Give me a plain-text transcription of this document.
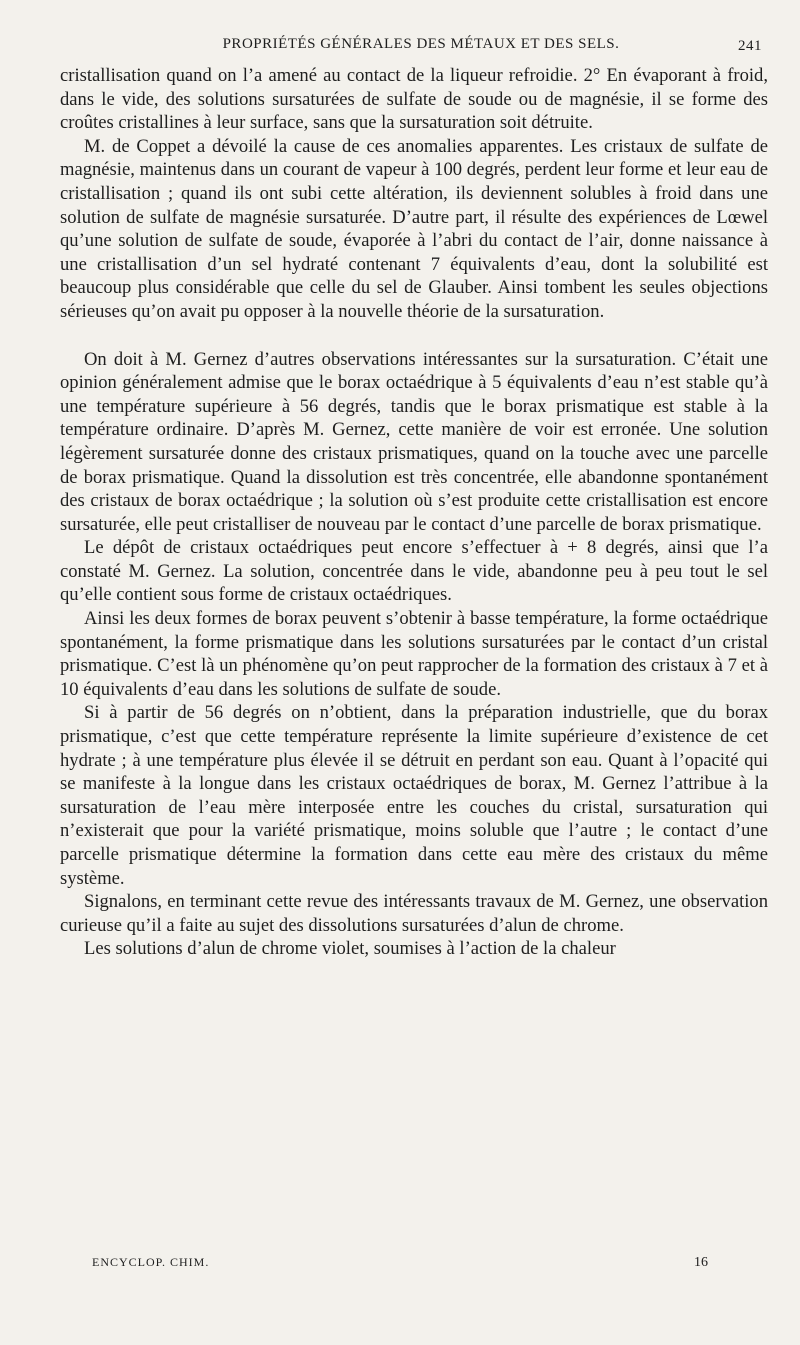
PROPRIÉTÉS GÉNÉRALES DES MÉTAUX ET DES SELS.	241

cristallisation quand on l’a amené au contact de la liqueur refroidie. 2° En évaporant à froid, dans le vide, des solutions sursaturées de sulfate de soude ou de magnésie, il se forme des croûtes cristallines à leur surface, sans que la sursaturation soit détruite.

M. de Coppet a dévoilé la cause de ces anomalies apparentes. Les cristaux de sulfate de magnésie, maintenus dans un courant de vapeur à 100 degrés, perdent leur forme et leur eau de cristallisation ; quand ils ont subi cette altération, ils deviennent solubles à froid dans une solution de sulfate de magnésie sursaturée. D’autre part, il résulte des expériences de Lœwel qu’une solution de sulfate de soude, évaporée à l’abri du contact de l’air, donne naissance à une cristallisation d’un sel hydraté contenant 7 équivalents d’eau, dont la solubilité est beaucoup plus considérable que celle du sel de Glauber. Ainsi tombent les seules objections sérieuses qu’on avait pu opposer à la nouvelle théorie de la sursaturation.

On doit à M. Gernez d’autres observations intéressantes sur la sursaturation. C’était une opinion généralement admise que le borax octaédrique à 5 équivalents d’eau n’est stable qu’à une température supérieure à 56 degrés, tandis que le borax prismatique est stable à la température ordinaire. D’après M. Gernez, cette manière de voir est erronée. Une solution légèrement sursaturée donne des cristaux prismatiques, quand on la touche avec une parcelle de borax prismatique. Quand la dissolution est très concentrée, elle abandonne spontanément des cristaux de borax octaédrique ; la solution où s’est produite cette cristallisation est encore sursaturée, elle peut cristalliser de nouveau par le contact d’une parcelle de borax prismatique.

Le dépôt de cristaux octaédriques peut encore s’effectuer à + 8 degrés, ainsi que l’a constaté M. Gernez. La solution, concentrée dans le vide, abandonne peu à peu tout le sel qu’elle contient sous forme de cristaux octaédriques.

Ainsi les deux formes de borax peuvent s’obtenir à basse température, la forme octaédrique spontanément, la forme prismatique dans les solutions sursaturées par le contact d’un cristal prismatique. C’est là un phénomène qu’on peut rapprocher de la formation des cristaux à 7 et à 10 équivalents d’eau dans les solutions de sulfate de soude.

Si à partir de 56 degrés on n’obtient, dans la préparation industrielle, que du borax prismatique, c’est que cette température représente la limite supérieure d’existence de cet hydrate ; à une température plus élevée il se détruit en perdant son eau. Quant à l’opacité qui se manifeste à la longue dans les cristaux octaédriques de borax, M. Gernez l’attribue à la sursaturation de l’eau mère interposée entre les couches du cristal, sursaturation qui n’existerait que pour la variété prismatique, moins soluble que l’autre ; le contact d’une parcelle prismatique détermine la formation dans cette eau mère des cristaux du même système.

Signalons, en terminant cette revue des intéressants travaux de M. Gernez, une observation curieuse qu’il a faite au sujet des dissolutions sursaturées d’alun de chrome.

Les solutions d’alun de chrome violet, soumises à l’action de la chaleur

ENCYCLOP. CHIM.	16
